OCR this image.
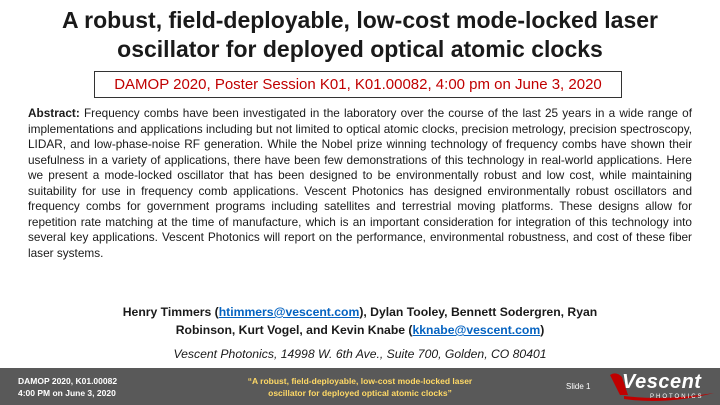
A robust, field-deployable, low-cost mode-locked laser
oscillator for deployed optical atomic clocks
DAMOP 2020, Poster Session K01, K01.00082, 4:00 pm on June 3, 2020
Abstract: Frequency combs have been investigated in the laboratory over the course of the last 25 years in a wide range of implementations and applications including but not limited to optical atomic clocks, precision metrology, precision spectroscopy, LIDAR, and low-phase-noise RF generation. While the Nobel prize winning technology of frequency combs have shown their usefulness in a variety of applications, there have been few demonstrations of this technology in real-world applications. Here we present a mode-locked oscillator that has been designed to be environmentally robust and low cost, while maintaining suitability for use in frequency comb applications. Vescent Photonics has designed environmentally robust oscillators and frequency combs for government programs including satellites and terrestrial moving platforms. These designs allow for repetition rate matching at the time of manufacture, which is an important consideration for integration of this technology into several key applications. Vescent Photonics will report on the performance, environmental robustness, and cost of these fiber laser systems.
Henry Timmers (htimmers@vescent.com), Dylan Tooley, Bennett Sodergren, Ryan
Robinson, Kurt Vogel, and Kevin Knabe (kknabe@vescent.com)
Vescent Photonics, 14998 W. 6th Ave., Suite 700, Golden, CO 80401
DAMOP 2020, K01.00082
4:00 PM on June 3, 2020
“A robust, field-deployable, low-cost mode-locked laser
oscillator for deployed optical atomic clocks”
Slide 1 Vescent
PHOTONICS
